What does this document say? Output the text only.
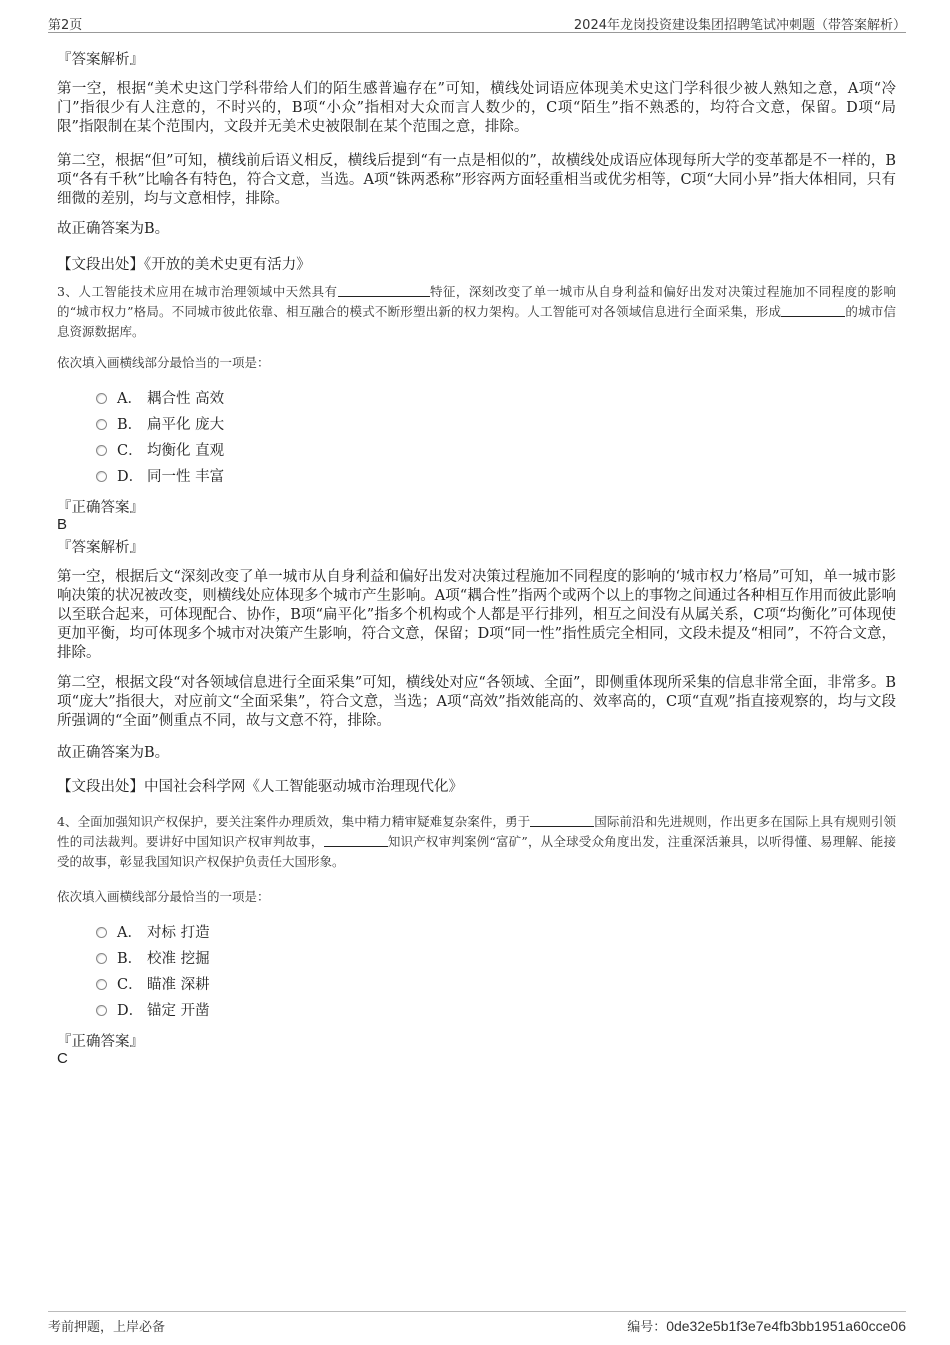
第2页	2024年龙岗投资建设集团招聘笔试冲刺题（带答案解析）
『答案解析』

第一空，根据“美术史这门学科带给人们的陌生感普遍存在”可知，横线处词语应体现美术史这门学科很少被人熟知之意，A项“冷门”指很少有人注意的，不时兴的，B项“小众”指相对大众而言人数少的，C项“陌生”指不熟悉的，均符合文意，保留。D项“局限”指限制在某个范围内，文段并无美术史被限制在某个范围之意，排除。

第二空，根据“但”可知，横线前后语义相反，横线后提到“有一点是相似的”，故横线处成语应体现每所大学的变革都是不一样的，B项“各有千秋”比喻各有特色，符合文意，当选。A项“铢两悉称”形容两方面轻重相当或优劣相等，C项“大同小异”指大体相同，只有细微的差别，均与文意相悖，排除。

故正确答案为B。

【文段出处】《开放的美术史更有活力》

3、人工智能技术应用在城市治理领域中天然具有	特征，深刻改变了单一城市从自身利益和偏好出发对决策过程施加不同程度的影响的“城市权力”格局。不同城市彼此依靠、相互融合的模式不断形塑出新的权力架构。人工智能可对各领域信息进行全面采集，形成	的城市信息资源数据库。

依次填入画横线部分最恰当的一项是：

A． 耦合性 高效
B． 扁平化 庞大
C． 均衡化 直观
D． 同一性 丰富
『正确答案』
B
『答案解析』

第一空，根据后文“深刻改变了单一城市从自身利益和偏好出发对决策过程施加不同程度的影响的‘城市权力’格局”可知，单一城市影响决策的状况被改变，则横线处应体现多个城市产生影响。A项“耦合性”指两个或两个以上的事物之间通过各种相互作用而彼此影响以至联合起来，可体现配合、协作，B项“扁平化”指多个机构或个人都是平行排列，相互之间没有从属关系，C项“均衡化”可体现使更加平衡，均可体现多个城市对决策产生影响，符合文意，保留；D项“同一性”指性质完全相同，文段未提及“相同”，不符合文意，排除。

第二空，根据文段“对各领域信息进行全面采集”可知，横线处对应“各领域、全面”，即侧重体现所采集的信息非常全面，非常多。B项“庞大”指很大，对应前文“全面采集”，符合文意，当选；A项“高效”指效能高的、效率高的，C项“直观”指直接观察的，均与文段所强调的“全面”侧重点不同，故与文意不符，排除。

故正确答案为B。

【文段出处】中国社会科学网《人工智能驱动城市治理现代化》

4、全面加强知识产权保护，要关注案件办理质效，集中精力精审疑难复杂案件，勇于	国际前沿和先进规则，作出更多在国际上具有规则引领性的司法裁判。要讲好中国知识产权审判故事，	知识产权审判案例“富矿”，从全球受众角度出发，注重深活兼具，以听得懂、易理解、能接受的故事，彰显我国知识产权保护负责任大国形象。

依次填入画横线部分最恰当的一项是：

A． 对标 打造
B． 校准 挖掘
C． 瞄准 深耕
D． 锚定 开凿
『正确答案』
C
考前押题，上岸必备	编号：0de32e5b1f3e7e4fb3bb1951a60cce06
